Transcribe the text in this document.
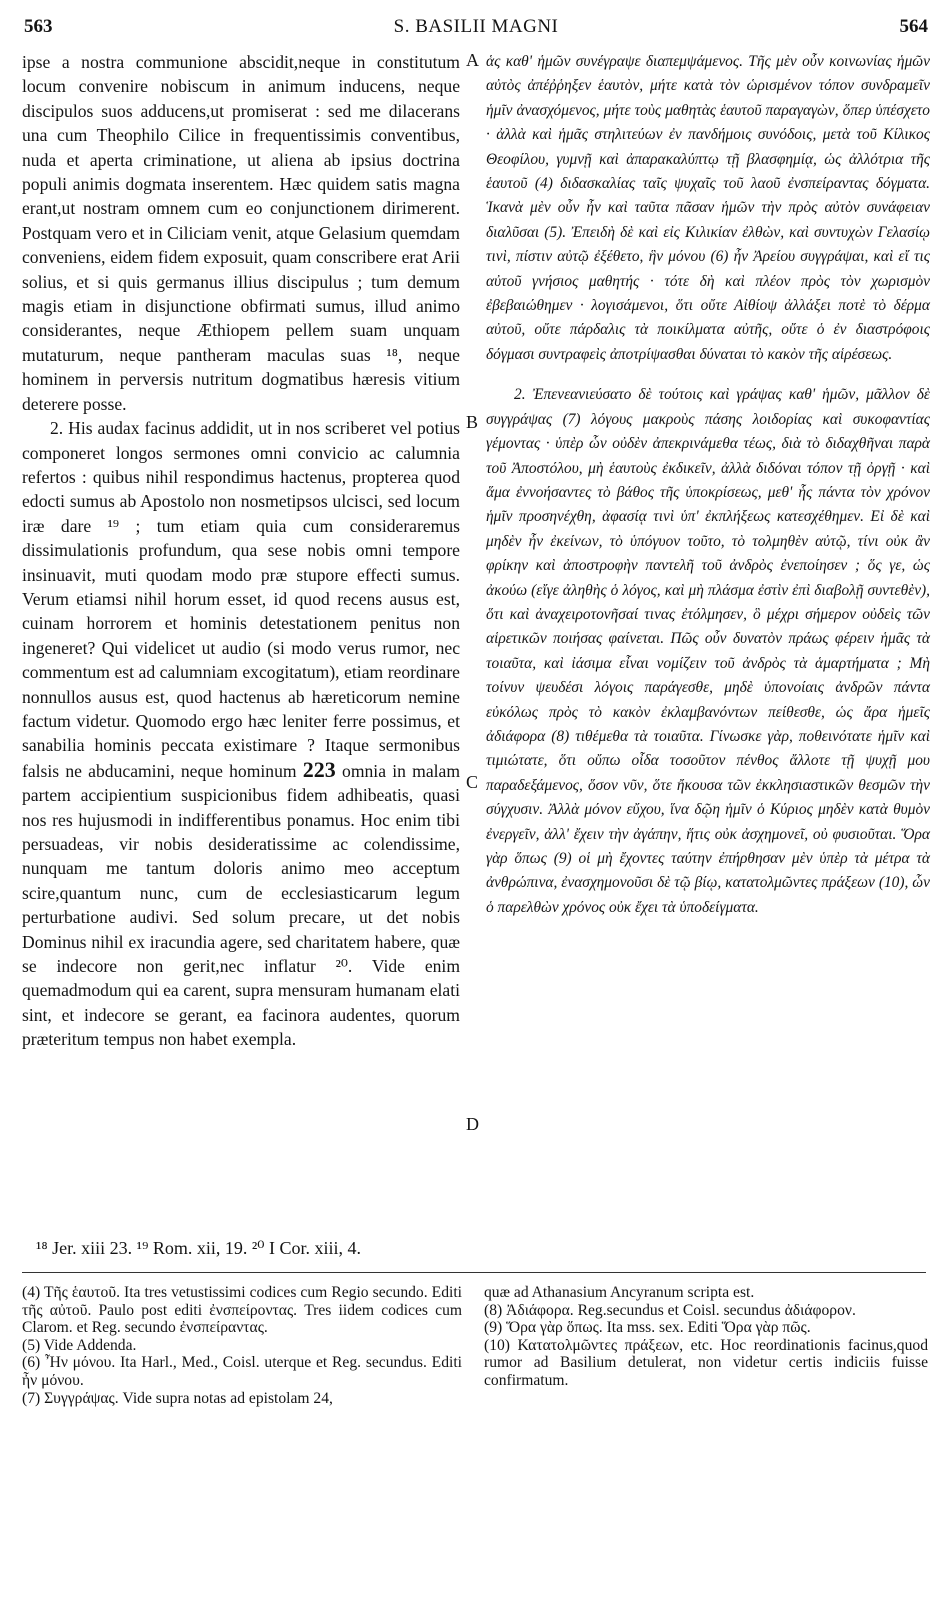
563	S. BASILII MAGNI	564

ipse a nostra communione abscidit,neque in constitutum locum convenire nobiscum in animum inducens, neque discipulos suos adducens,ut promiserat : sed me dilacerans una cum Theophilo Cilice in frequentissimis conventibus, nuda et aperta criminatione, ut aliena ab ipsius doctrina populi animis dogmata inserentem. Hæc quidem satis magna erant,ut nostram omnem cum eo conjunctionem dirimerent. Postquam vero et in Ciliciam venit, atque Gelasium quemdam conveniens, eidem fidem exposuit, quam conscribere erat Arii solius, et si quis germanus illius discipulus ; tum demum magis etiam in disjunctione obfirmati sumus, illud animo considerantes, neque Æthiopem pellem suam unquam mutaturum, neque pantheram maculas suas ¹⁸, neque hominem in perversis nutritum dogmatibus hæresis vitium deterere posse.

2. His audax facinus addidit, ut in nos scriberet vel potius componeret longos sermones omni convicio ac calumnia refertos : quibus nihil respondimus hactenus, propterea quod edocti sumus ab Apostolo non nosmetipsos ulcisci, sed locum iræ dare ¹⁹ ; tum etiam quia cum consideraremus dissimulationis profundum, qua sese nobis omni tempore insinuavit, muti quodam modo præ stupore effecti sumus. Verum etiamsi nihil horum esset, id quod recens ausus est, cuinam horrorem et hominis detestationem penitus non ingeneret? Qui videlicet ut audio (si modo verus rumor, nec commentum est ad calumniam excogitatum), etiam reordinare nonnullos ausus est, quod hactenus ab hæreticorum nemine factum videtur. Quomodo ergo hæc leniter ferre possimus, et sanabilia hominis peccata existimare ? Itaque sermonibus falsis ne abducamini, neque hominum 223 omnia in malam partem accipientium suspicionibus fidem adhibeatis, quasi nos res hujusmodi in indifferentibus ponamus. Hoc enim tibi persuadeas, vir nobis desideratissime ac colendissime, nunquam me tantum doloris animo meo acceptum scire,quantum nunc, cum de ecclesiasticarum legum perturbatione audivi. Sed solum precare, ut det nobis Dominus nihil ex iracundia agere, sed charitatem habere, quæ se indecore non gerit,nec inflatur ²⁰. Vide enim quemadmodum qui ea carent, supra mensuram humanam elati sint, et indecore se gerant, ea facinora audentes, quorum præteritum tempus non habet exempla.

A
B
C
D

ἁς καθ' ἡμῶν συνέγραψε διαπεμψάμενος. Τῆς μὲν οὖν κοινωνίας ἡμῶν αὐτὸς ἀπέῤῥηξεν ἑαυτὸν, μήτε κατὰ τὸν ὡρισμένον τόπον συνδραμεῖν ἡμῖν ἀνασχόμενος, μήτε τοὺς μαθητὰς ἑαυτοῦ παραγαγὼν, ὅπερ ὑπέσχετο · ἀλλὰ καὶ ἡμᾶς στηλιτεύων ἐν πανδήμοις συνόδοις, μετὰ τοῦ Κίλικος Θεοφίλου, γυμνῇ καὶ ἀπαρακαλύπτῳ τῇ βλασφημίᾳ, ὡς ἀλλότρια τῆς ἑαυτοῦ (4) διδασκαλίας ταῖς ψυχαῖς τοῦ λαοῦ ἐνσπείραντας δόγματα. Ἱκανὰ μὲν οὖν ἦν καὶ ταῦτα πᾶσαν ἡμῶν τὴν πρὸς αὐτὸν συνάφειαν διαλῦσαι (5). Ἐπειδὴ δὲ καὶ εἰς Κιλικίαν ἐλθὼν, καὶ συντυχὼν Γελασίῳ τινὶ, πίστιν αὐτῷ ἐξέθετο, ἣν μόνου (6) ἦν Ἀρείου συγγράψαι, καὶ εἴ τις αὐτοῦ γνήσιος μαθητής · τότε δὴ καὶ πλέον πρὸς τὸν χωρισμὸν ἐβεβαιώθημεν · λογισάμενοι, ὅτι οὔτε Αἰθίοψ ἀλλάξει ποτὲ τὸ δέρμα αὐτοῦ, οὔτε πάρδαλις τὰ ποικίλματα αὐτῆς, οὔτε ὁ ἐν διαστρόφοις δόγμασι συντραφεὶς ἀποτρίψασθαι δύναται τὸ κακὸν τῆς αἱρέσεως.

2. Ἐπενεανιεύσατο δὲ τούτοις καὶ γράψας καθ' ἡμῶν, μᾶλλον δὲ συγγράψας (7) λόγους μακροὺς πάσης λοιδορίας καὶ συκοφαντίας γέμοντας · ὑπὲρ ὧν οὐδὲν ἀπεκρινάμεθα τέως, διὰ τὸ διδαχθῆναι παρὰ τοῦ Ἀποστόλου, μὴ ἑαυτοὺς ἐκδικεῖν, ἀλλὰ διδόναι τόπον τῇ ὀργῇ · καὶ ἅμα ἐννοήσαντες τὸ βάθος τῆς ὑποκρίσεως, μεθ' ἧς πάντα τὸν χρόνον ἡμῖν προσηνέχθη, ἀφασίᾳ τινὶ ὑπ' ἐκπλήξεως κατεσχέθημεν. Εἰ δὲ καὶ μηδὲν ἦν ἐκείνων, τὸ ὑπόγυον τοῦτο, τὸ τολμηθὲν αὐτῷ, τίνι οὐκ ἂν φρίκην καὶ ἀποστροφὴν παντελῆ τοῦ ἀνδρὸς ἐνεποίησεν ; ὅς γε, ὡς ἀκούω (εἴγε ἀληθὴς ὁ λόγος, καὶ μὴ πλάσμα ἐστὶν ἐπὶ διαβολῇ συντεθὲν), ὅτι καὶ ἀναχειροτονῆσαί τινας ἐτόλμησεν, ὃ μέχρι σήμερον οὐδεὶς τῶν αἱρετικῶν ποιήσας φαίνεται. Πῶς οὖν δυνατὸν πράως φέρειν ἡμᾶς τὰ τοιαῦτα, καὶ ἰάσιμα εἶναι νομίζειν τοῦ ἀνδρὸς τὰ ἁμαρτήματα ; Μὴ τοίνυν ψευδέσι λόγοις παράγεσθε, μηδὲ ὑπονοίαις ἀνδρῶν πάντα εὐκόλως πρὸς τὸ κακὸν ἐκλαμβανόντων πείθεσθε, ὡς ἄρα ἡμεῖς ἀδιάφορα (8) τιθέμεθα τὰ τοιαῦτα. Γίνωσκε γὰρ, ποθεινότατε ἡμῖν καὶ τιμιώτατε, ὅτι οὔπω οἶδα τοσοῦτον πένθος ἄλλοτε τῇ ψυχῇ μου παραδεξάμενος, ὅσον νῦν, ὅτε ἤκουσα τῶν ἐκκλησιαστικῶν θεσμῶν τὴν σύγχυσιν. Ἀλλὰ μόνον εὔχου, ἵνα δῷη ἡμῖν ὁ Κύριος μηδὲν κατὰ θυμὸν ἐνεργεῖν, ἀλλ' ἔχειν τὴν ἀγάπην, ἥτις οὐκ ἀσχημονεῖ, οὐ φυσιοῦται. Ὅρα γὰρ ὅπως (9) οἱ μὴ ἔχοντες ταύτην ἐπήρθησαν μὲν ὑπὲρ τὰ μέτρα τὰ ἀνθρώπινα, ἐνασχημονοῦσι δὲ τῷ βίῳ, κατατολμῶντες πράξεων (10), ὧν ὁ παρελθὼν χρόνος οὐκ ἔχει τὰ ὑποδείγματα.

¹⁸ Jer. xiii 23. ¹⁹ Rom. xii, 19. ²⁰ I Cor. xiii, 4.

(4) Τῆς ἑαυτοῦ. Ita tres vetustissimi codices cum Regio secundo. Editi τῆς αὐτοῦ. Paulo post editi ἐνσπείροντας. Tres iidem codices cum Clarom. et Reg. secundo ἐνσπείραντας.

(5) Vide Addenda.

(6) Ἦν μόνου. Ita Harl., Med., Coisl. uterque et Reg. secundus. Editi ἦν μόνου.

(7) Συγγράψας. Vide supra notas ad epistolam 24,

quæ ad Athanasium Ancyranum scripta est.

(8) Ἀδιάφορα. Reg.secundus et Coisl. secundus ἀδιάφορον.

(9) Ὅρα γὰρ ὅπως. Ita mss. sex. Editi Ὅρα γὰρ πῶς.

(10) Κατατολμῶντες πράξεων, etc. Hoc reordinationis facinus,quod rumor ad Basilium detulerat, non videtur certis indiciis fuisse confirmatum.
